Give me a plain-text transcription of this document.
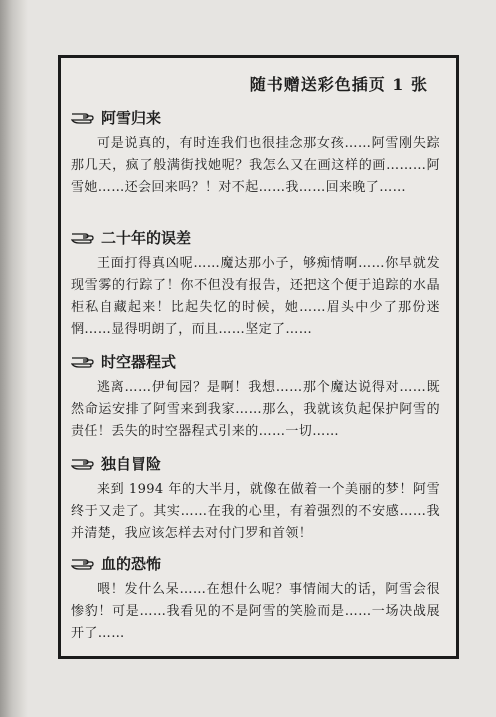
随书赠送彩色插页 1 张
阿雪归来
可是说真的，有时连我们也很挂念那女孩……阿雪刚失踪那几天，疯了般满街找她呢？我怎么又在画这样的画………阿雪她……还会回来吗？！对不起……我……回来晚了……
二十年的误差
王面打得真凶呢……魔达那小子，够痴情啊……你早就发现雪雾的行踪了！你不但没有报告，还把这个便于追踪的水晶柜私自藏起来！比起失忆的时候，她……眉头中少了那份迷惘……显得明朗了，而且……坚定了……
时空器程式
逃离……伊甸园？是啊！我想……那个魔达说得对……既然命运安排了阿雪来到我家……那么，我就该负起保护阿雪的责任！丢失的时空器程式引来的……一切……
独自冒险
来到 1994 年的大半月，就像在做着一个美丽的梦！阿雪终于又走了。其实……在我的心里，有着强烈的不安感……我并清楚，我应该怎样去对付门罗和首领！
血的恐怖
喂！发什么呆……在想什么呢？事情闹大的话，阿雪会很惨豹！可是……我看见的不是阿雪的笑脸而是……一场决战展开了……
